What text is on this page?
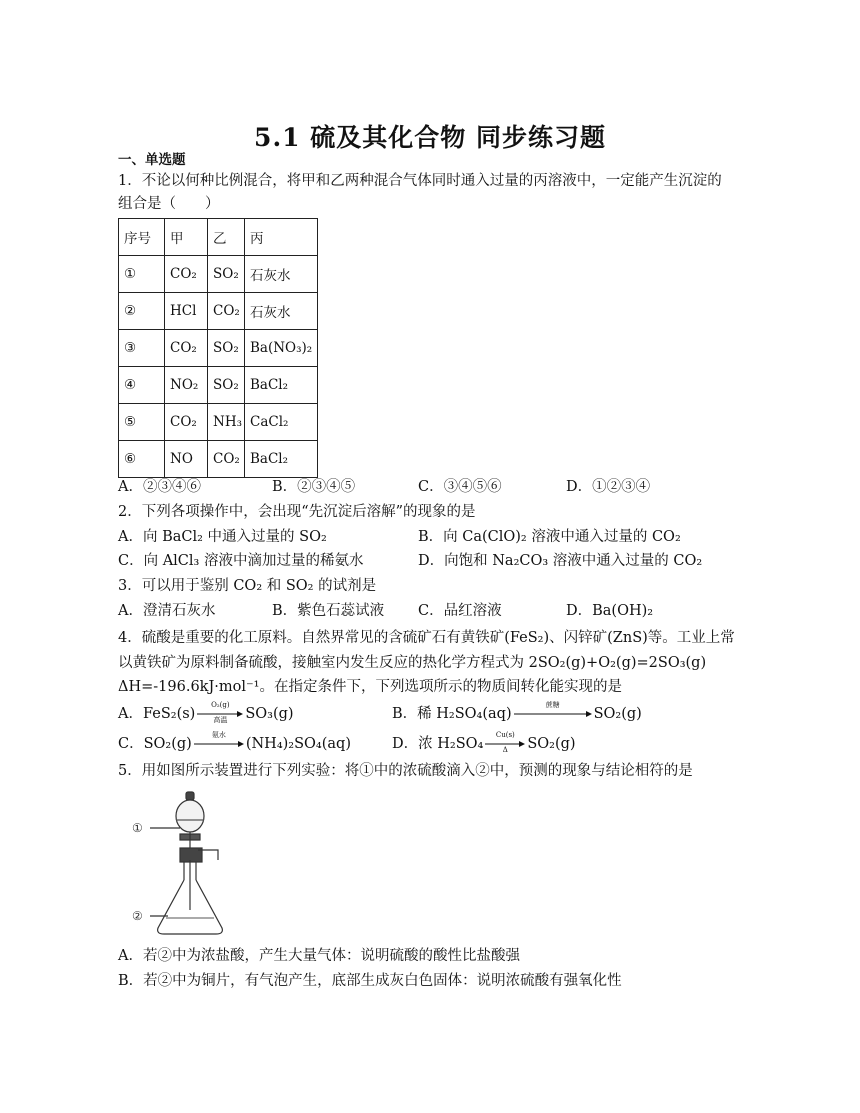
5.1 硫及其化合物 同步练习题
一、单选题
1．不论以何种比例混合，将甲和乙两种混合气体同时通入过量的丙溶液中，一定能产生沉淀的
组合是（　　）
序号	甲	乙	丙
①	CO₂	SO₂	石灰水
②	HCl	CO₂	石灰水
③	CO₂	SO₂	Ba(NO₃)₂
④	NO₂	SO₂	BaCl₂
⑤	CO₂	NH₃	CaCl₂
⑥	NO	CO₂	BaCl₂
A．②③④⑥	B．②③④⑤	C．③④⑤⑥	D．①②③④
2．下列各项操作中，会出现“先沉淀后溶解”的现象的是
A．向 BaCl₂ 中通入过量的 SO₂	B．向 Ca(ClO)₂ 溶液中通入过量的 CO₂
C．向 AlCl₃ 溶液中滴加过量的稀氨水	D．向饱和 Na₂CO₃ 溶液中通入过量的 CO₂
3．可以用于鉴别 CO₂ 和 SO₂ 的试剂是
A．澄清石灰水	B．紫色石蕊试液 C．品红溶液	D．Ba(OH)₂
4．硫酸是重要的化工原料。自然界常见的含硫矿石有黄铁矿(FeS₂)、闪锌矿(ZnS)等。工业上常
以黄铁矿为原料制备硫酸，接触室内发生反应的热化学方程式为 2SO₂(g)+O₂(g)=2SO₃(g)
ΔH=-196.6kJ·mol⁻¹。在指定条件下，下列选项所示的物质间转化能实现的是
A．FeS₂(s)
O₂(g)
高温	SO₃(g)	B．稀 H₂SO₄(aq)
蔗糖
SO₂(g)
C．SO₂(g)
氨水
(NH₄)₂SO₄(aq)	D．浓 H₂SO₄
Cu(s)
Δ	SO₂(g)
5．用如图所示装置进行下列实验：将①中的浓硫酸滴入②中，预测的现象与结论相符的是
①
②
A．若②中为浓盐酸，产生大量气体：说明硫酸的酸性比盐酸强
B．若②中为铜片，有气泡产生，底部生成灰白色固体：说明浓硫酸有强氧化性
